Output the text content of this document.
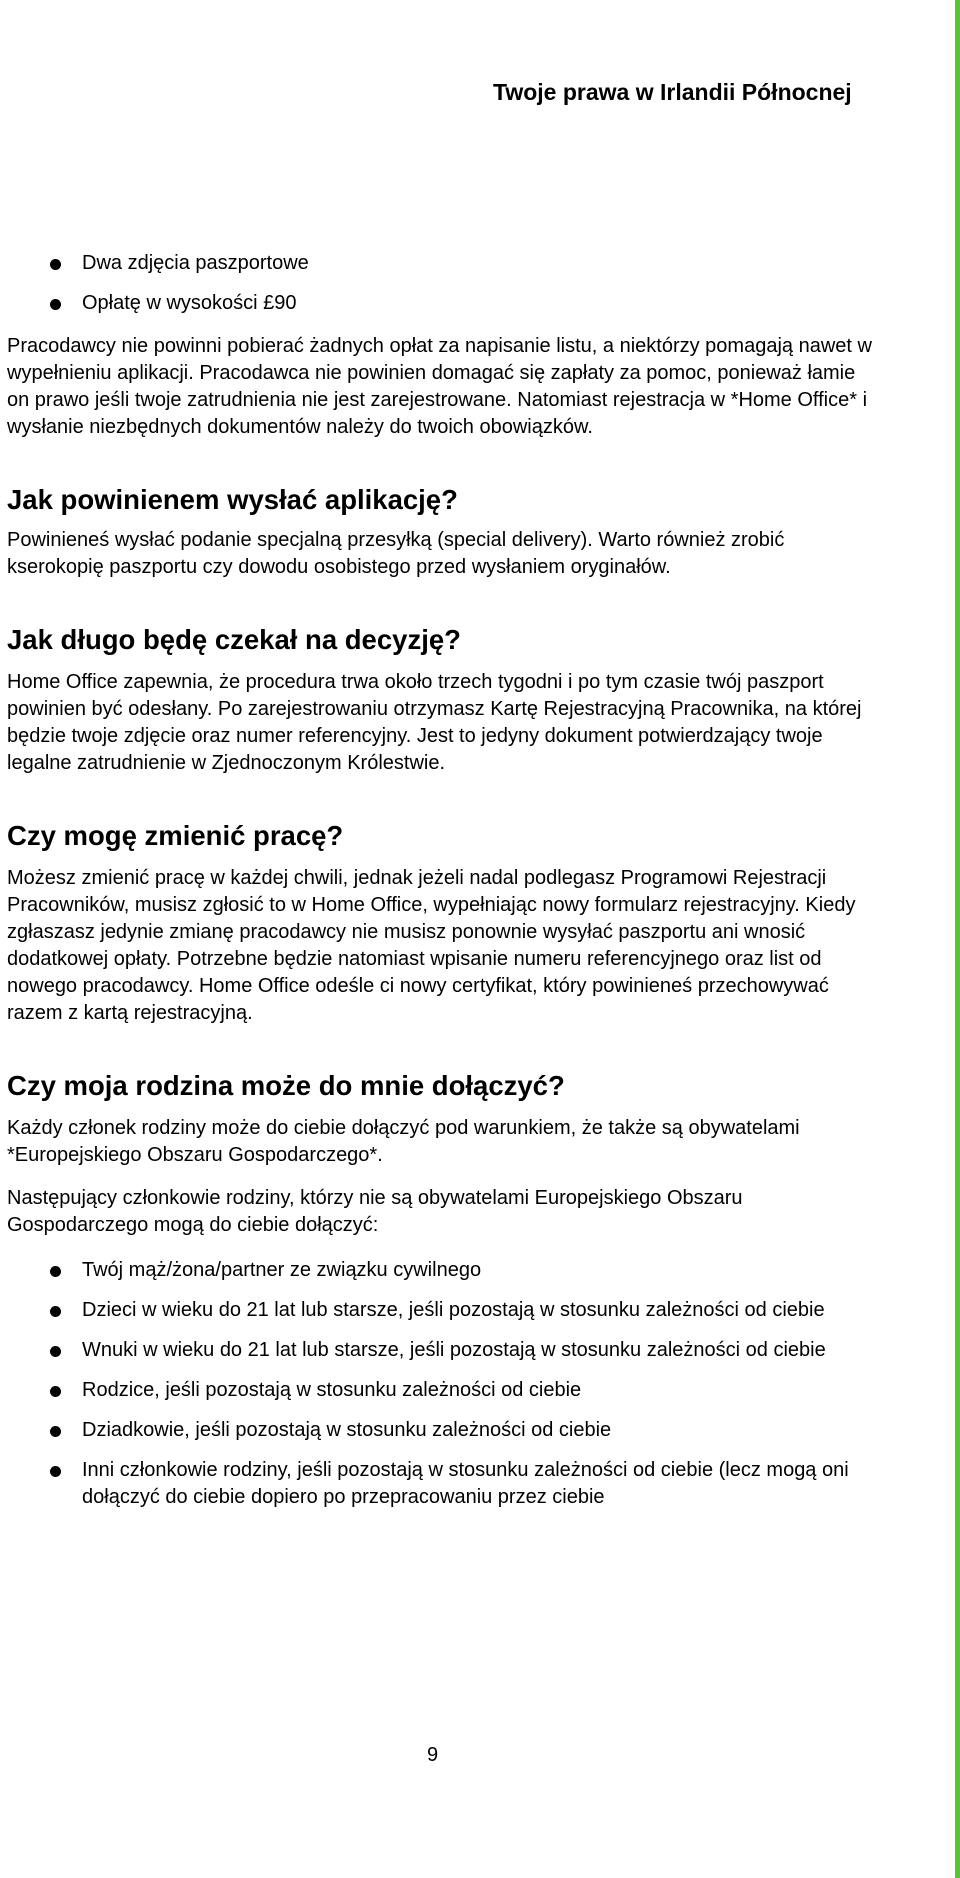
Twoje prawa w Irlandii Północnej
Dwa zdjęcia paszportowe
Opłatę w wysokości £90

Pracodawcy nie powinni pobierać żadnych opłat za napisanie listu, a niektórzy pomagają nawet w wypełnieniu aplikacji. Pracodawca nie powinien domagać się zapłaty za pomoc, ponieważ łamie on prawo jeśli twoje zatrudnienia nie jest zarejestrowane. Natomiast rejestracja w *Home Office* i wysłanie niezbędnych dokumentów należy do twoich obowiązków.

Jak powinienem wysłać aplikację?

Powinieneś wysłać podanie specjalną przesyłką (special delivery). Warto również zrobić kserokopię paszportu czy dowodu osobistego przed wysłaniem oryginałów.

Jak długo będę czekał na decyzję?

Home Office zapewnia, że procedura trwa około trzech tygodni i po tym czasie twój paszport powinien być odesłany. Po zarejestrowaniu otrzymasz Kartę Rejestracyjną Pracownika, na której będzie twoje zdjęcie oraz numer referencyjny. Jest to jedyny dokument potwierdzający twoje legalne zatrudnienie w Zjednoczonym Królestwie.

Czy mogę zmienić pracę?

Możesz zmienić pracę w każdej chwili, jednak jeżeli nadal podlegasz Programowi Rejestracji Pracowników, musisz zgłosić to w Home Office, wypełniając nowy formularz rejestracyjny. Kiedy zgłaszasz jedynie zmianę pracodawcy nie musisz ponownie wysyłać paszportu ani wnosić dodatkowej opłaty. Potrzebne będzie natomiast wpisanie numeru referencyjnego oraz list od nowego pracodawcy. Home Office odeśle ci nowy certyfikat, który powinieneś przechowywać razem z kartą rejestracyjną.

Czy moja rodzina może do mnie dołączyć?

Każdy członek rodziny może do ciebie dołączyć pod warunkiem, że także są obywatelami *Europejskiego Obszaru Gospodarczego*.

Następujący członkowie rodziny, którzy nie są obywatelami Europejskiego Obszaru Gospodarczego mogą do ciebie dołączyć:

Twój mąż/żona/partner ze związku cywilnego
Dzieci w wieku do 21 lat lub starsze, jeśli pozostają w stosunku zależności od ciebie
Wnuki w wieku do 21 lat lub starsze, jeśli pozostają w stosunku zależności od ciebie
Rodzice, jeśli pozostają w stosunku zależności od ciebie
Dziadkowie, jeśli pozostają w stosunku zależności od ciebie
Inni członkowie rodziny, jeśli pozostają w stosunku zależności od ciebie (lecz mogą oni dołączyć do ciebie dopiero po przepracowaniu przez ciebie
9
